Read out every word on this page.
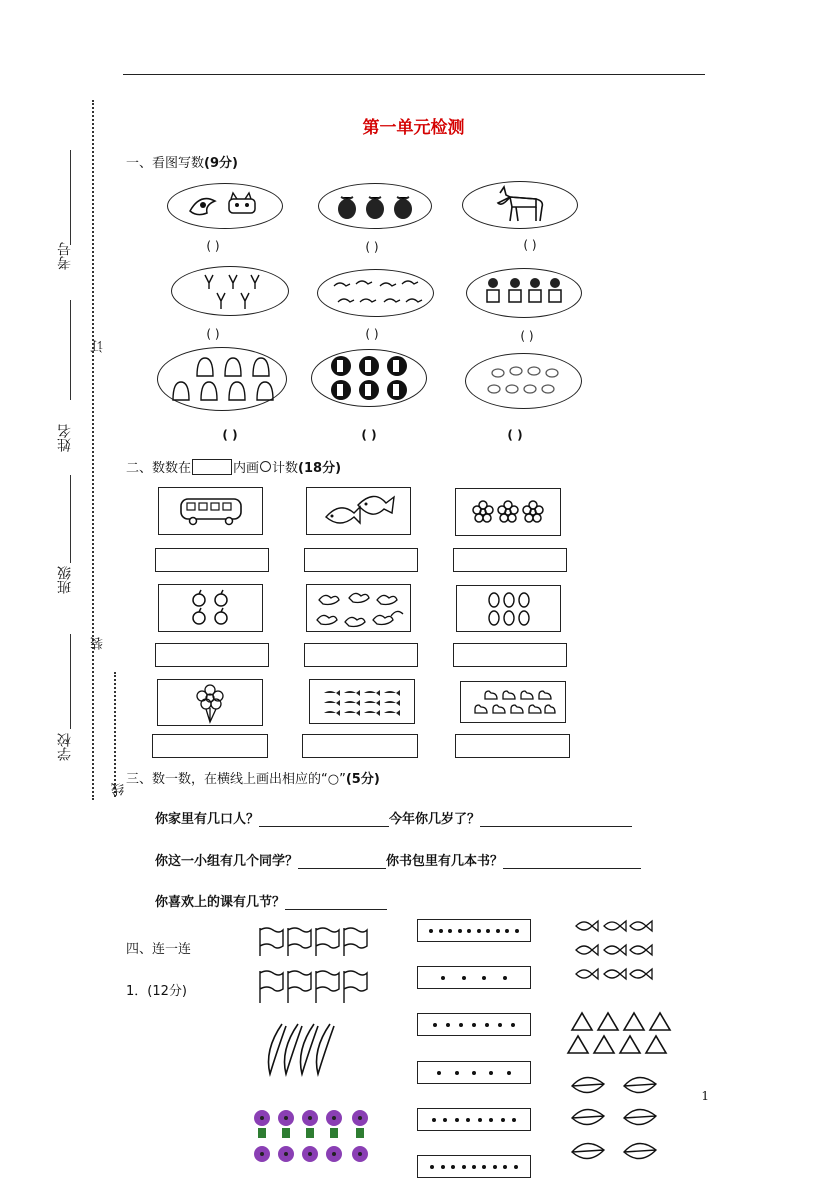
第一单元检测
考号
姓名
班级
学校
订
装
线
一、看图写数(9分)
( )	( )	( )
( )	( )	( )
( )	( )	( )
二、数数在	内画 计数 (18分)
三、数一数，在横线上画出相应的“○”(5分)
你家里有几口人？	今年你几岁了？
你这一小组有几个同学？	你书包里有几本书？
你喜欢上的课有几节？
四、连一连
1．(12分)
1
